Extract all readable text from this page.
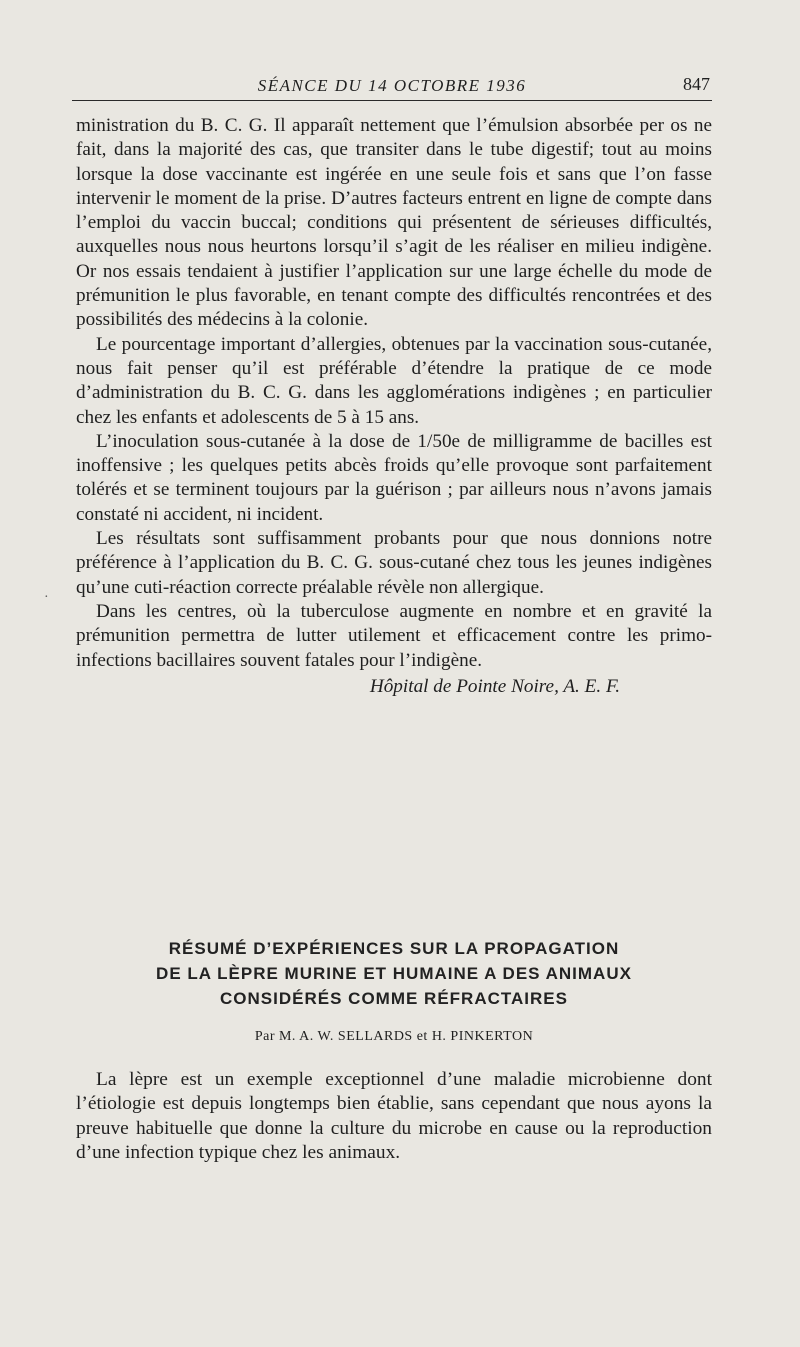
SÉANCE DU 14 OCTOBRE 1936	847
·

ministration du B. C. G. Il apparaît nettement que l’émulsion absorbée per os ne fait, dans la majorité des cas, que transiter dans le tube digestif; tout au moins lorsque la dose vaccinante est ingérée en une seule fois et sans que l’on fasse intervenir le moment de la prise. D’autres facteurs entrent en ligne de compte dans l’emploi du vaccin buccal; conditions qui présentent de sérieuses difficultés, auxquelles nous nous heurtons lorsqu’il s’agit de les réaliser en milieu indigène. Or nos essais tendaient à justifier l’application sur une large échelle du mode de prémunition le plus favorable, en tenant compte des difficultés rencontrées et des possibilités des médecins à la colonie.

Le pourcentage important d’allergies, obtenues par la vaccination sous-cutanée, nous fait penser qu’il est préférable d’étendre la pratique de ce mode d’administration du B. C. G. dans les agglomérations indigènes ; en particulier chez les enfants et adolescents de 5 à 15 ans.

L’inoculation sous-cutanée à la dose de 1/50e de milligramme de bacilles est inoffensive ; les quelques petits abcès froids qu’elle provoque sont parfaitement tolérés et se terminent toujours par la guérison ; par ailleurs nous n’avons jamais constaté ni accident, ni incident.

Les résultats sont suffisamment probants pour que nous donnions notre préférence à l’application du B. C. G. sous-cutané chez tous les jeunes indigènes qu’une cuti-réaction correcte préalable révèle non allergique.

Dans les centres, où la tuberculose augmente en nombre et en gravité la prémunition permettra de lutter utilement et efficacement contre les primo-infections bacillaires souvent fatales pour l’indigène.

Hôpital de Pointe Noire, A. E. F.

RÉSUMÉ D’EXPÉRIENCES SUR LA PROPAGATION
DE LA LÈPRE MURINE ET HUMAINE A DES ANIMAUX
CONSIDÉRÉS COMME RÉFRACTAIRES
Par M. A. W. SELLARDS et H. PINKERTON

La lèpre est un exemple exceptionnel d’une maladie microbienne dont l’étiologie est depuis longtemps bien établie, sans cependant que nous ayons la preuve habituelle que donne la culture du microbe en cause ou la reproduction d’une infection typique chez les animaux.
